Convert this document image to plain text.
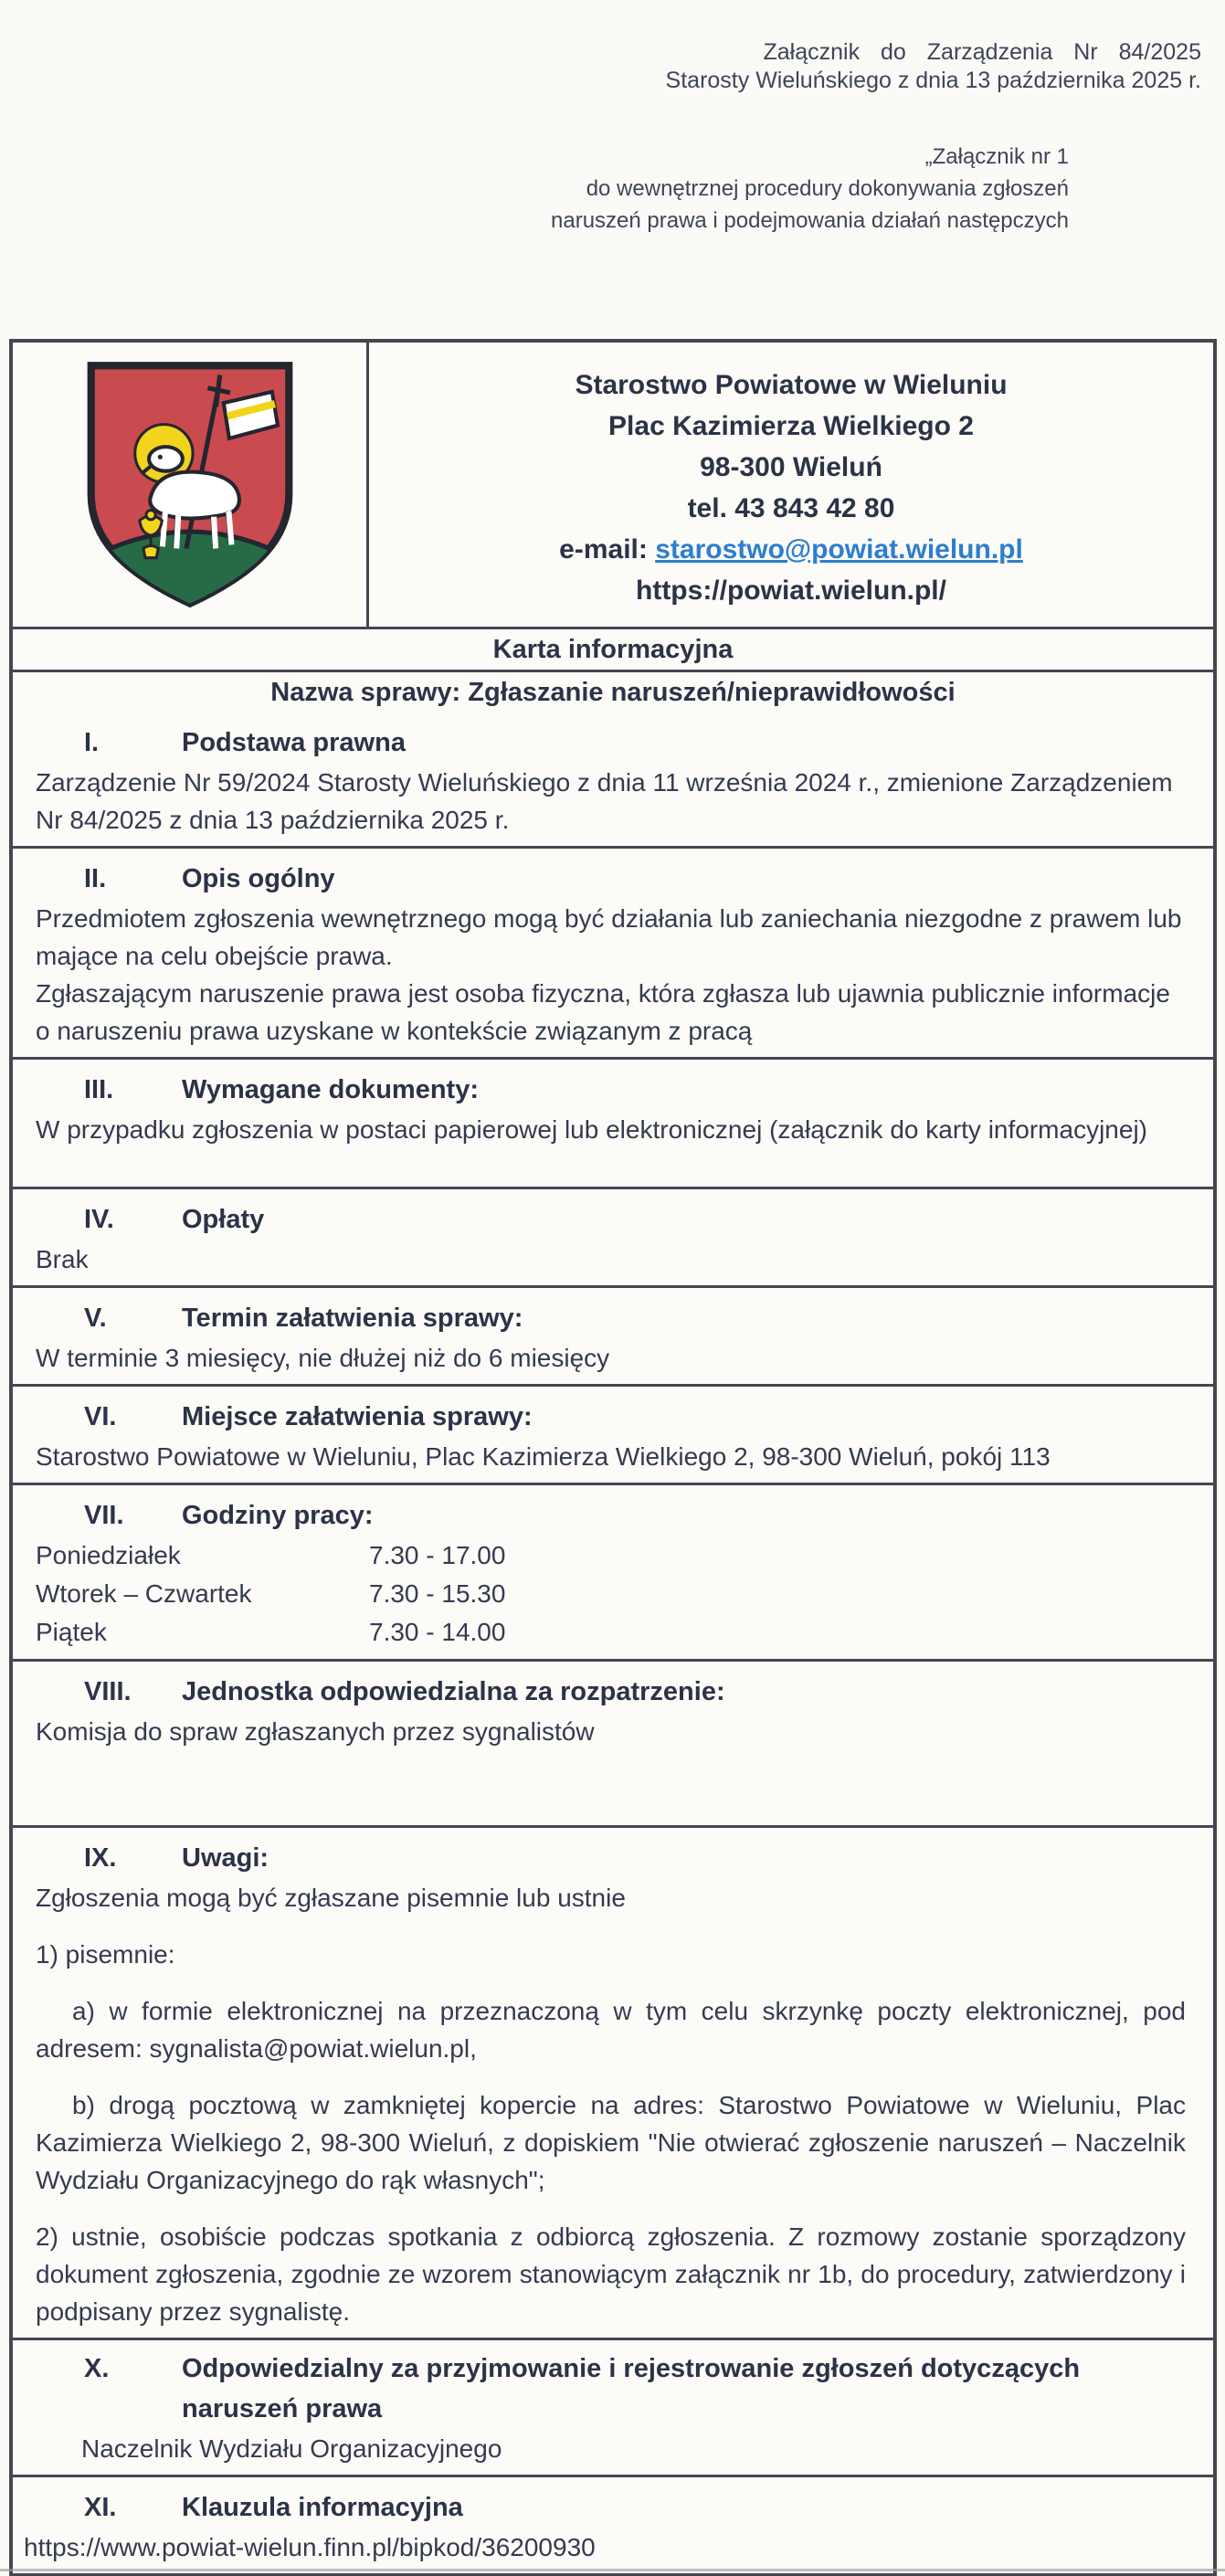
Załącznik do Zarządzenia Nr 84/2025
Starosty Wieluńskiego z dnia 13 października 2025 r.
„Załącznik nr 1
do wewnętrznej procedury dokonywania zgłoszeń
naruszeń prawa i podejmowania działań następczych
Starostwo Powiatowe w Wieluniu
Plac Kazimierza Wielkiego 2
98-300 Wieluń
tel. 43 843 42 80
e-mail: starostwo@powiat.wielun.pl
https://powiat.wielun.pl/
Karta informacyjna
Nazwa sprawy: Zgłaszanie naruszeń/nieprawidłowości
I.	Podstawa prawna

Zarządzenie Nr 59/2024 Starosty Wieluńskiego z dnia 11 września 2024 r., zmienione Zarządzeniem Nr 84/2025 z dnia 13 października 2025 r.

II.	Opis ogólny

Przedmiotem zgłoszenia wewnętrznego mogą być działania lub zaniechania niezgodne z prawem lub mające na celu obejście prawa.

Zgłaszającym naruszenie prawa jest osoba fizyczna, która zgłasza lub ujawnia publicznie informacje o naruszeniu prawa uzyskane w kontekście związanym z pracą

III.	Wymagane dokumenty:

W przypadku zgłoszenia w postaci papierowej lub elektronicznej (załącznik do karty informacyjnej)

IV.	Opłaty

Brak

V.	Termin załatwienia sprawy:

W terminie 3 miesięcy, nie dłużej niż do 6 miesięcy

VI.	Miejsce załatwienia sprawy:

Starostwo Powiatowe w Wieluniu, Plac Kazimierza Wielkiego 2, 98-300 Wieluń, pokój 113

VII.	Godziny pracy:
Poniedziałek	7.30 - 17.00
Wtorek – Czwartek	7.30 - 15.30
Piątek	7.30 - 14.00
VIII.	Jednostka odpowiedzialna za rozpatrzenie:

Komisja do spraw zgłaszanych przez sygnalistów

IX.	Uwagi:

Zgłoszenia mogą być zgłaszane pisemnie lub ustnie

1) pisemnie:

a) w formie elektronicznej na przeznaczoną w tym celu skrzynkę poczty elektronicznej, pod adresem: sygnalista@powiat.wielun.pl,

b) drogą pocztową w zamkniętej kopercie na adres: Starostwo Powiatowe w Wieluniu, Plac Kazimierza Wielkiego 2, 98-300 Wieluń, z dopiskiem "Nie otwierać zgłoszenie naruszeń – Naczelnik Wydziału Organizacyjnego do rąk własnych";

2) ustnie, osobiście podczas spotkania z odbiorcą zgłoszenia. Z rozmowy zostanie sporządzony dokument zgłoszenia, zgodnie ze wzorem stanowiącym załącznik nr 1b, do procedury, zatwierdzony i podpisany przez sygnalistę.

X.	Odpowiedzialny za przyjmowanie i rejestrowanie zgłoszeń dotyczących naruszeń prawa

Naczelnik Wydziału Organizacyjnego

XI.	Klauzula informacyjna

https://www.powiat-wielun.finn.pl/bipkod/36200930
